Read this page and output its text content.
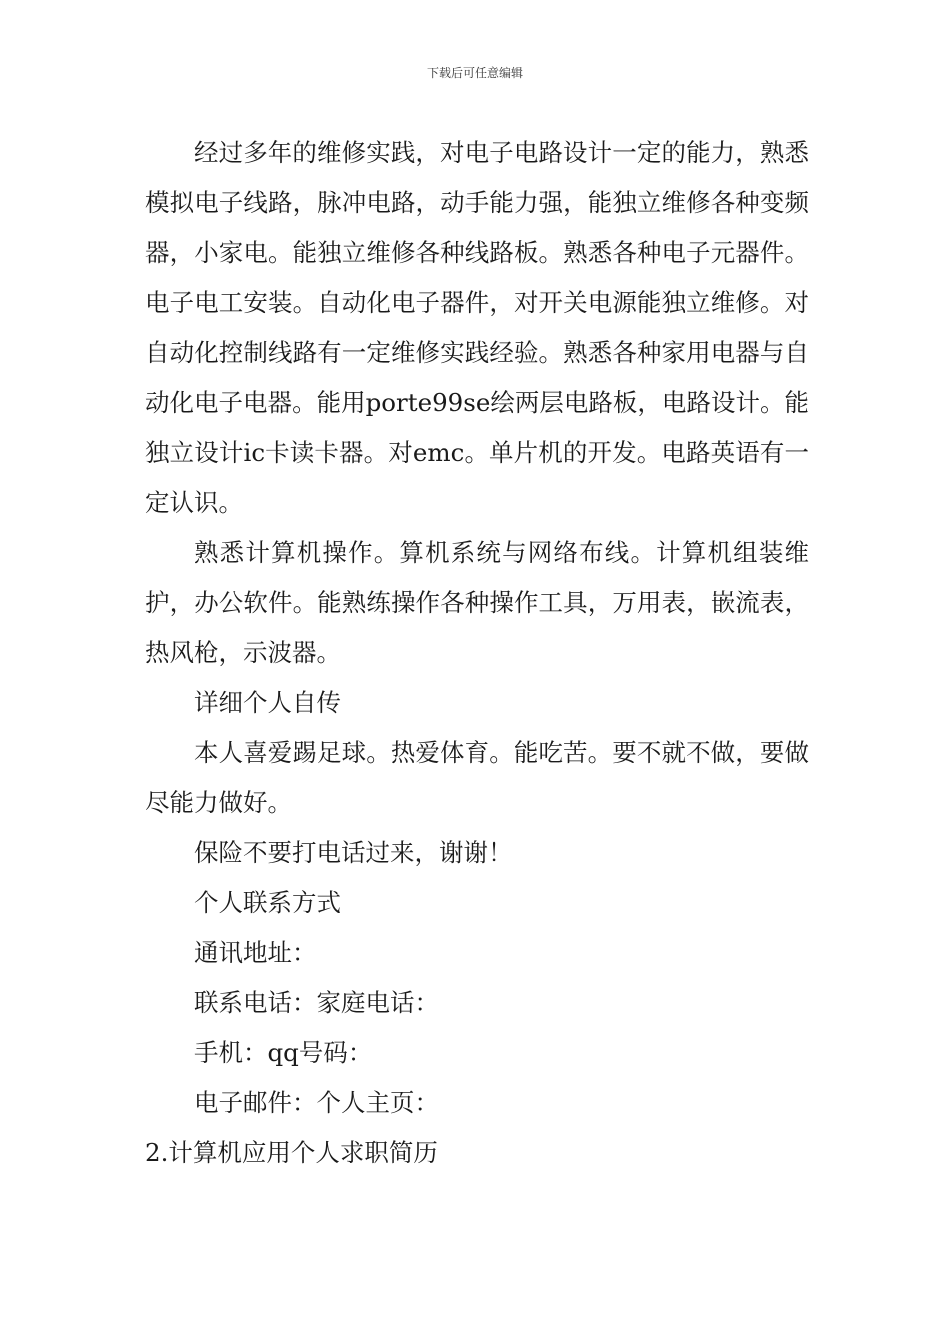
下载后可任意编辑

经过多年的维修实践，对电子电路设计一定的能力，熟悉模拟电子线路，脉冲电路，动手能力强，能独立维修各种变频器，小家电。能独立维修各种线路板。熟悉各种电子元器件。电子电工安装。自动化电子器件，对开关电源能独立维修。对自动化控制线路有一定维修实践经验。熟悉各种家用电器与自动化电子电器。能用porte99se绘两层电路板，电路设计。能独立设计ic卡读卡器。对emc。单片机的开发。电路英语有一定认识。

熟悉计算机操作。算机系统与网络布线。计算机组装维护，办公软件。能熟练操作各种操作工具，万用表，嵌流表，热风枪，示波器。

详细个人自传

本人喜爱踢足球。热爱体育。能吃苦。要不就不做，要做尽能力做好。

保险不要打电话过来，谢谢！

个人联系方式

通讯地址：

联系电话：家庭电话：

手机：qq号码：

电子邮件：个人主页：

2.计算机应用个人求职简历
